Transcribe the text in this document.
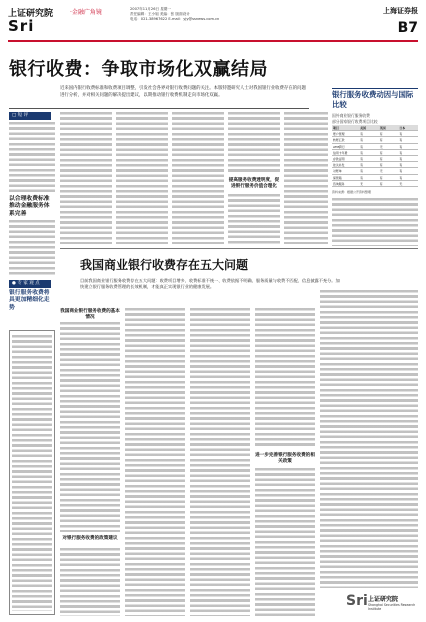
上证研究院	·金融广角镜
Sri
2007年11月26日 星期一
责任编辑：王小姐 美编：张 版面设计
电话：021-38967622 E-mail：yjy@ssnews.com.cn
上海证券报
B7
银行收费：争取市场化双赢结局
近来国内银行收费标准和收费项目调整，引发社会各界对银行收费问题的关注。本版特邀研究人士对我国银行业收费存在的问题进行分析，并对相关问题的解决提出建议，以期推动银行收费机制走向市场化双赢。
□ 短 评
以合理收费标准推动金融服务体系完善
● 专 家 观 点
银行服务收费将具更加精细化走势
提高服务收费透明度，促进银行服务价值合理化
银行服务收费动因与国际比较
国外商业银行服务收费
部分国家银行收费项目比较
项目	美国	英国	日本
账户管理	有	有	有
转账汇款	有	有	有
ATM跨行	有	无	有
信用卡年费	有	有	有
存款证明	有	有	有
挂失补发	有	有	有
对账单	有	无	有
保管箱	有	有	有
咨询服务	无	有	无
资料来源：根据公开资料整理
我国商业银行收费存在五大问题
目前我国商业银行服务收费存在五大问题：收费项目增多、收费标准不统一、收费依据不明确、服务质量与收费不匹配、信息披露不充分。加快建立银行服务收费管理的长效机制，才能真正实现银行业的健康发展。
我国商业银行服务收费的基本情况
对银行服务收费的政策建议
进一步完善银行服务收费的相关政策
Sri 上证研究院
Shanghai Securities Research Institute
